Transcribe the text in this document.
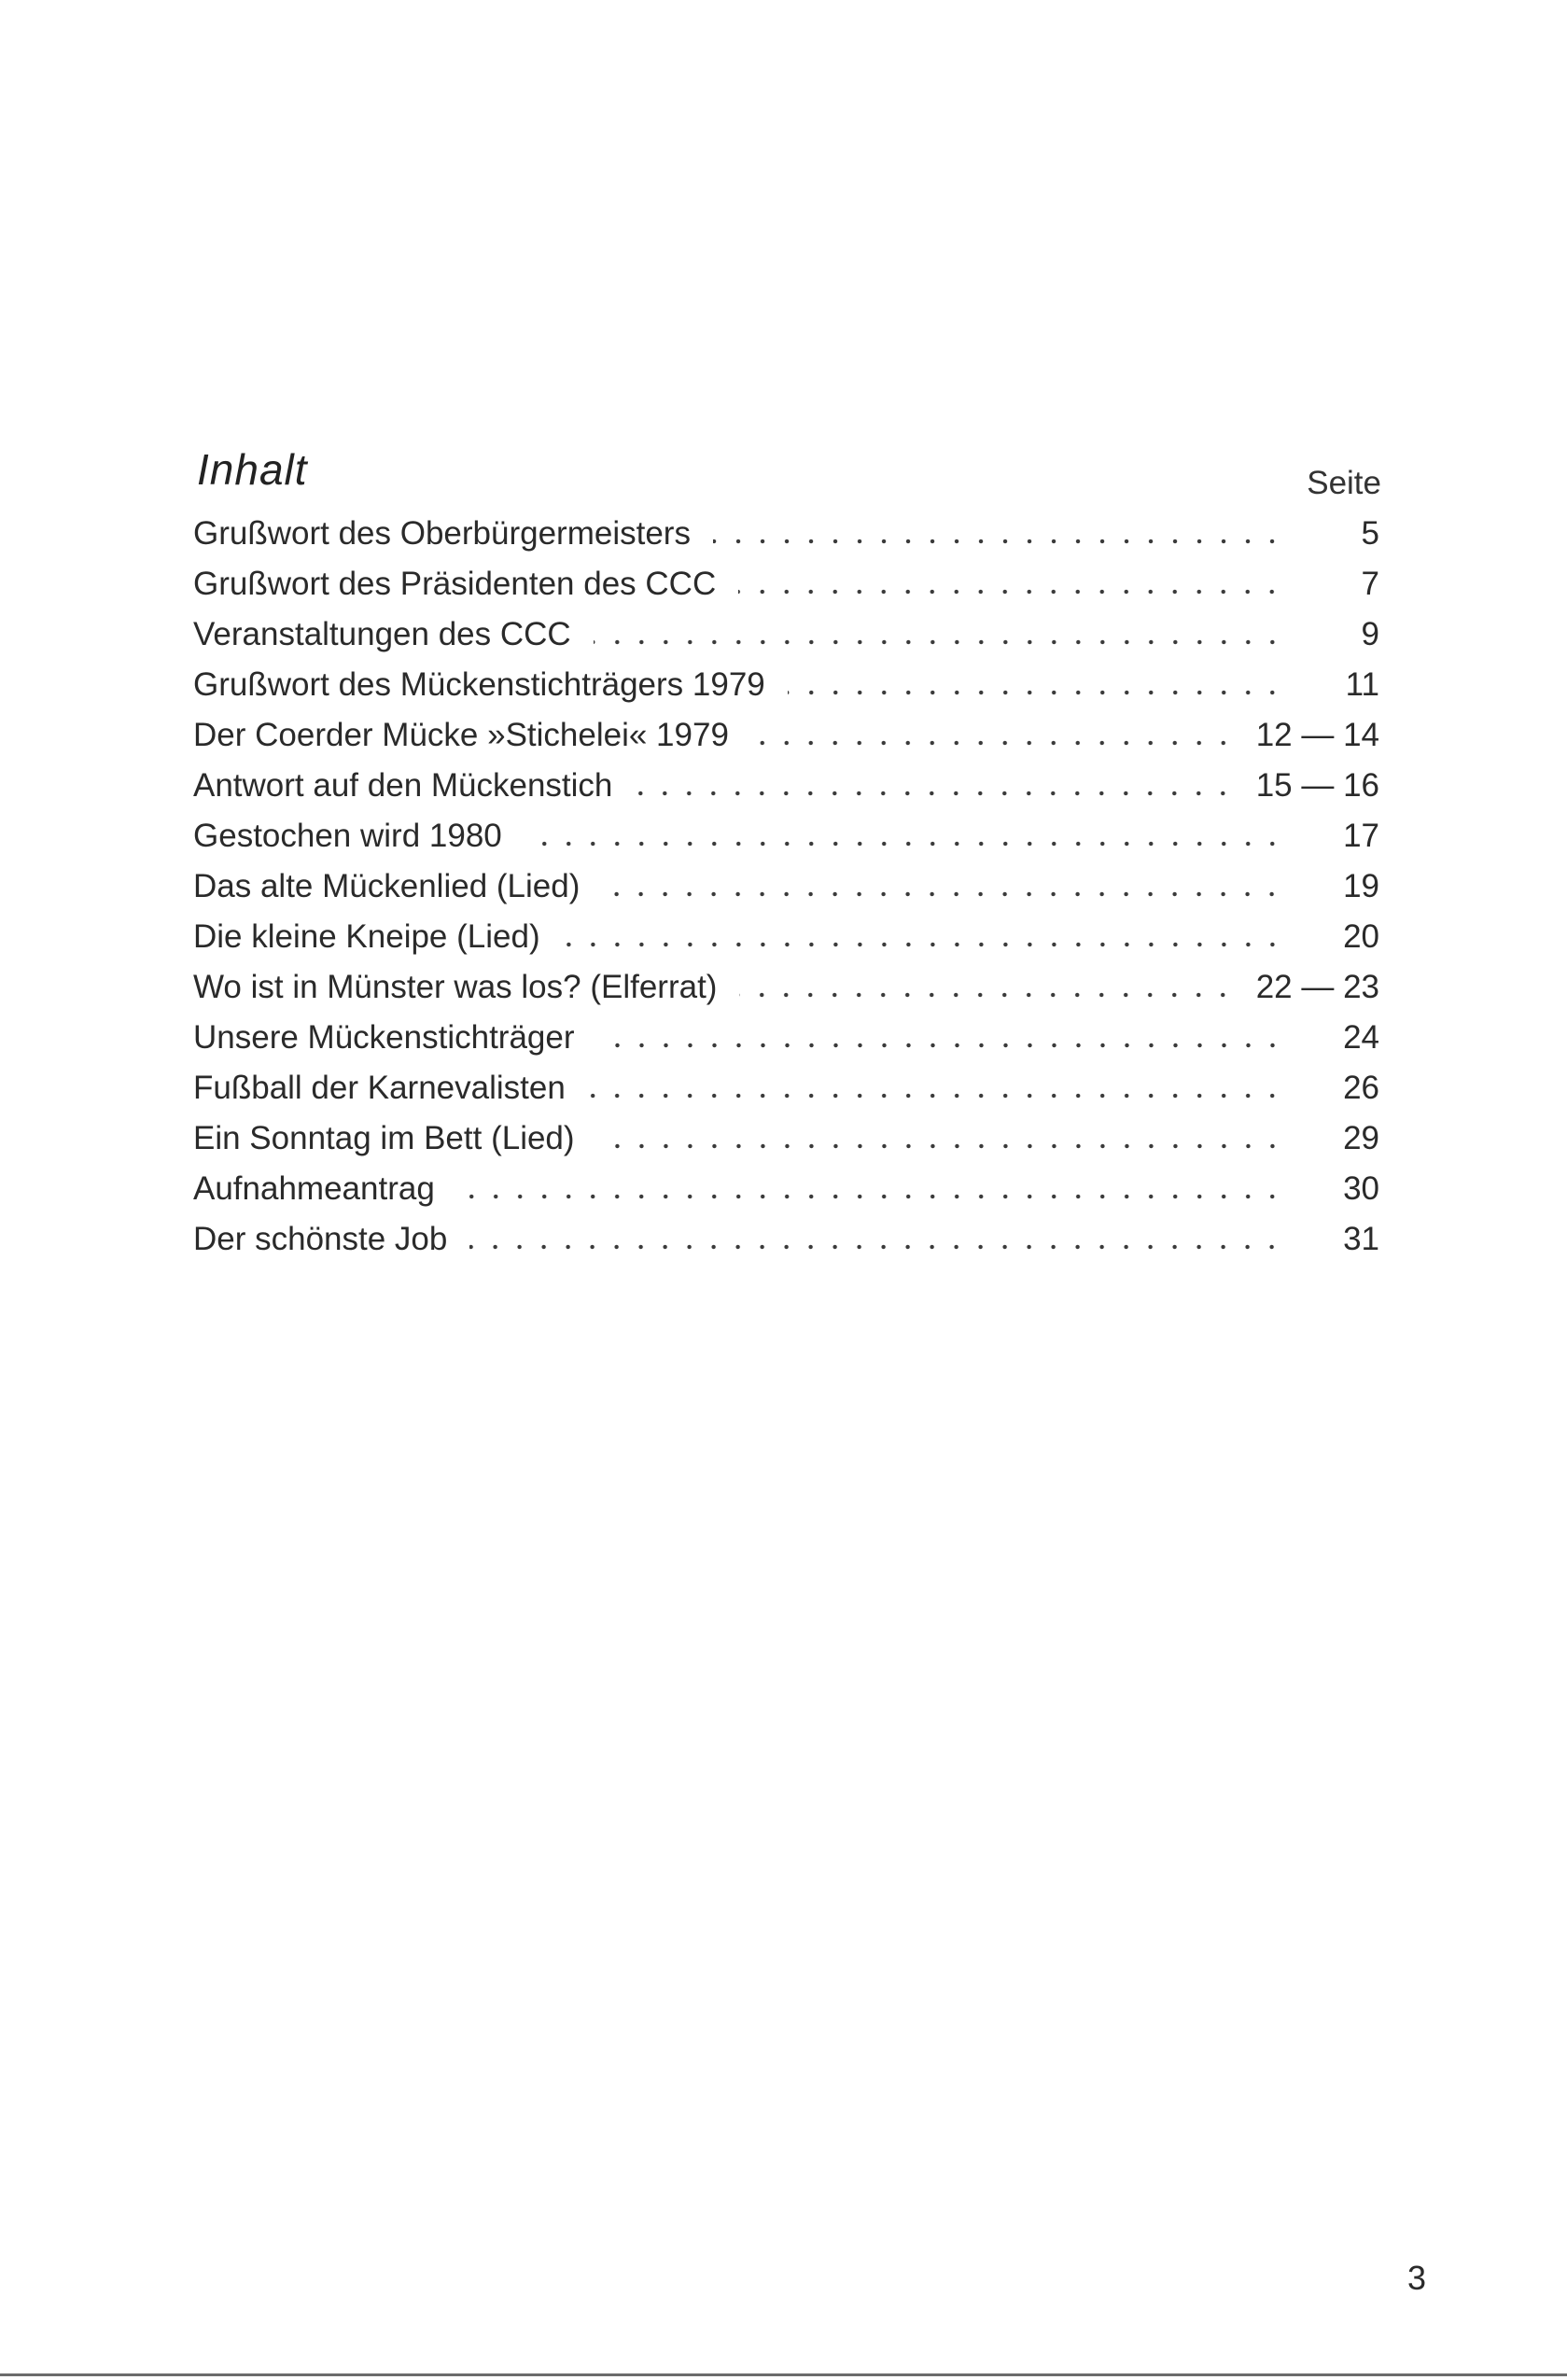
Inhalt	Seite
Grußwort des Oberbürgermeisters	5
Grußwort des Präsidenten des CCC	7
Veranstaltungen des CCC	9
Grußwort des Mückenstichträgers 1979	11
Der Coerder Mücke »Stichelei« 1979	12 — 14
Antwort auf den Mückenstich	15 — 16
Gestochen wird 1980	17
Das alte Mückenlied (Lied)	19
Die kleine Kneipe (Lied)	20
Wo ist in Münster was los? (Elferrat)	22 — 23
Unsere Mückenstichträger	24
Fußball der Karnevalisten	26
Ein Sonntag im Bett (Lied)	29
Aufnahmeantrag	30
Der schönste Job	31
3
